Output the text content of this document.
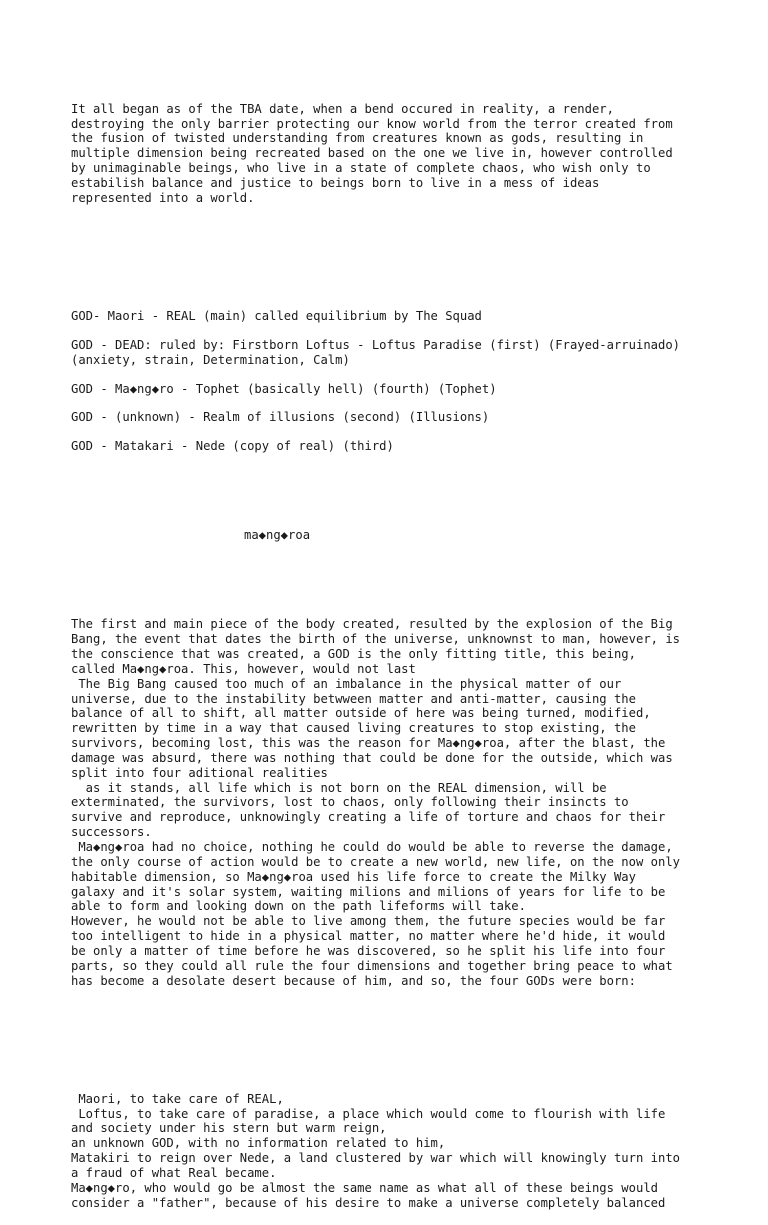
It all began as of the TBA date, when a bend occured in reality, a render,
destroying the only barrier protecting our know world from the terror created from
the fusion of twisted understanding from creatures known as gods, resulting in
multiple dimension being recreated based on the one we live in, however controlled
by unimaginable beings, who live in a state of complete chaos, who wish only to
estabilish balance and justice to beings born to live in a mess of ideas
represented into a world.

GOD- Maori - REAL (main) called equilibrium by The Squad
GOD - DEAD: ruled by: Firstborn Loftus - Loftus Paradise (first) (Frayed-arruinado)
(anxiety, strain, Determination, Calm)
GOD - Ma◆ng◆ro - Tophet (basically hell) (fourth) (Tophet)
GOD - (unknown) - Realm of illusions (second) (Illusions)
GOD - Matakari - Nede (copy of real) (third)

ma◆ng◆roa

The first and main piece of the body created, resulted by the explosion of the Big
Bang, the event that dates the birth of the universe, unknownst to man, however, is
the conscience that was created, a GOD is the only fitting title, this being,
called Ma◆ng◆roa. This, however, would not last
The Big Bang caused too much of an imbalance in the physical matter of our
universe, due to the instability betwween matter and anti-matter, causing the
balance of all to shift, all matter outside of here was being turned, modified,
rewritten by time in a way that caused living creatures to stop existing, the
survivors, becoming lost, this was the reason for Ma◆ng◆roa, after the blast, the
damage was absurd, there was nothing that could be done for the outside, which was
split into four aditional realities
as it stands, all life which is not born on the REAL dimension, will be
exterminated, the survivors, lost to chaos, only following their insincts to
survive and reproduce, unknowingly creating a life of torture and chaos for their
successors.
Ma◆ng◆roa had no choice, nothing he could do would be able to reverse the damage,
the only course of action would be to create a new world, new life, on the now only
habitable dimension, so Ma◆ng◆roa used his life force to create the Milky Way
galaxy and it's solar system, waiting milions and milions of years for life to be
able to form and looking down on the path lifeforms will take.
However, he would not be able to live among them, the future species would be far
too intelligent to hide in a physical matter, no matter where he'd hide, it would
be only a matter of time before he was discovered, so he split his life into four
parts, so they could all rule the four dimensions and together bring peace to what
has become a desolate desert because of him, and so, the four GODs were born:

Maori, to take care of REAL,
Loftus, to take care of paradise, a place which would come to flourish with life
and society under his stern but warm reign,
an unknown GOD, with no information related to him,
Matakiri to reign over Nede, a land clustered by war which will knowingly turn into
a fraud of what Real became.
Ma◆ng◆ro, who would go be almost the same name as what all of these beings would
consider a "father", because of his desire to make a universe completely balanced
